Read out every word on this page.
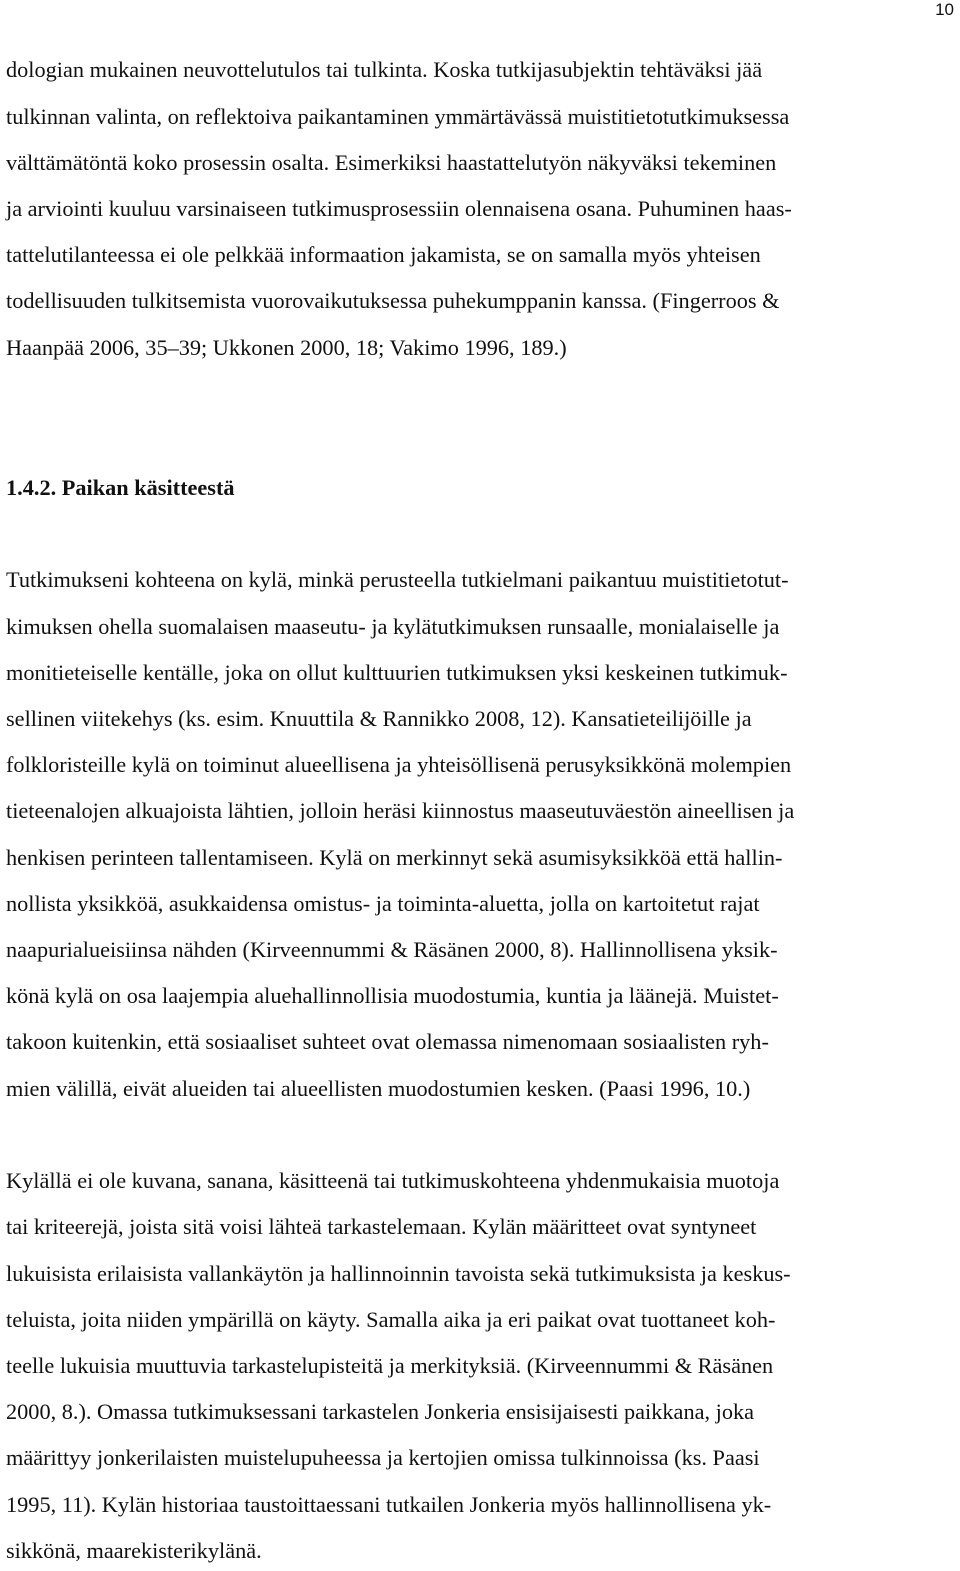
10

dologian mukainen neuvottelutulos tai tulkinta. Koska tutkijasubjektin tehtäväksi jää

tulkinnan valinta, on reflektoiva paikantaminen ymmärtävässä muistitietotutkimuksessa

välttämätöntä koko prosessin osalta. Esimerkiksi haastattelutyön näkyväksi tekeminen

ja arviointi kuuluu varsinaiseen tutkimusprosessiin olennaisena osana. Puhuminen haas-

tattelutilanteessa ei ole pelkkää informaation jakamista, se on samalla myös yhteisen

todellisuuden tulkitsemista vuorovaikutuksessa puhekumppanin kanssa. (Fingerroos &

Haanpää 2006, 35–39; Ukkonen 2000, 18; Vakimo 1996, 189.)

1.4.2. Paikan käsitteestä

Tutkimukseni kohteena on kylä, minkä perusteella tutkielmani paikantuu muistitietotut-

kimuksen ohella suomalaisen maaseutu- ja kylätutkimuksen runsaalle, monialaiselle ja

monitieteiselle kentälle, joka on ollut kulttuurien tutkimuksen yksi keskeinen tutkimuk-

sellinen viitekehys (ks. esim. Knuuttila & Rannikko 2008, 12). Kansatieteilijöille ja

folkloristeille kylä on toiminut alueellisena ja yhteisöllisenä perusyksikkönä molempien

tieteenalojen alkuajoista lähtien, jolloin heräsi kiinnostus maaseutuväestön aineellisen ja

henkisen perinteen tallentamiseen. Kylä on merkinnyt sekä asumisyksikköä että hallin-

nollista yksikköä, asukkaidensa omistus- ja toiminta-aluetta, jolla on kartoitetut rajat

naapurialueisiinsa nähden (Kirveennummi & Räsänen 2000, 8). Hallinnollisena yksik-

könä kylä on osa laajempia aluehallinnollisia muodostumia, kuntia ja läänejä. Muistet-

takoon kuitenkin, että sosiaaliset suhteet ovat olemassa nimenomaan sosiaalisten ryh-

mien välillä, eivät alueiden tai alueellisten muodostumien kesken. (Paasi 1996, 10.)

Kylällä ei ole kuvana, sanana, käsitteenä tai tutkimuskohteena yhdenmukaisia muotoja

tai kriteerejä, joista sitä voisi lähteä tarkastelemaan. Kylän määritteet ovat syntyneet

lukuisista erilaisista vallankäytön ja hallinnoinnin tavoista sekä tutkimuksista ja keskus-

teluista, joita niiden ympärillä on käyty. Samalla aika ja eri paikat ovat tuottaneet koh-

teelle lukuisia muuttuvia tarkastelupisteitä ja merkityksiä. (Kirveennummi & Räsänen

2000, 8.). Omassa tutkimuksessani tarkastelen Jonkeria ensisijaisesti paikkana, joka

määrittyy jonkerilaisten muistelupuheessa ja kertojien omissa tulkinnoissa (ks. Paasi

1995, 11). Kylän historiaa taustoittaessani tutkailen Jonkeria myös hallinnollisena yk-

sikkönä, maarekisterikylänä.
